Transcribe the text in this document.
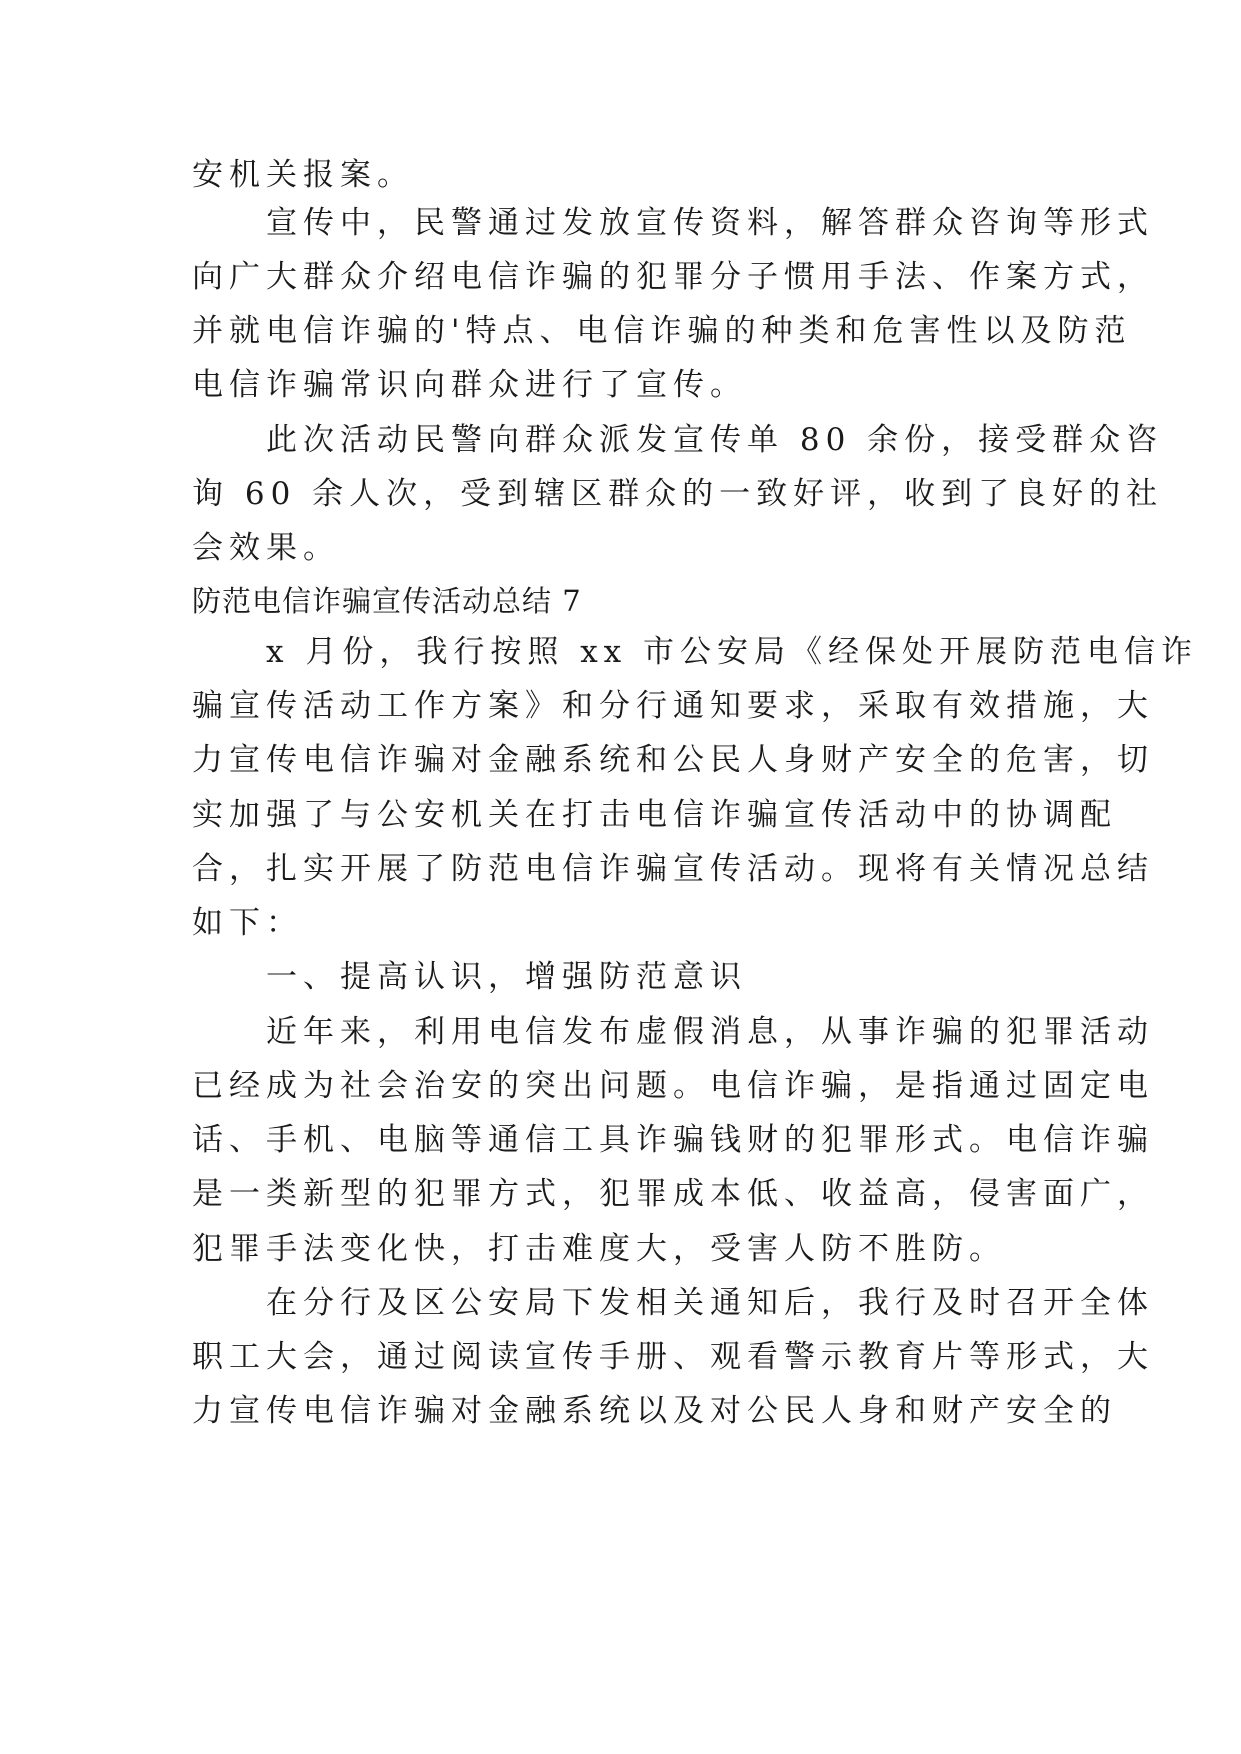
安机关报案。
　　宣传中，民警通过发放宣传资料，解答群众咨询等形式
向广大群众介绍电信诈骗的犯罪分子惯用手法、作案方式，
并就电信诈骗的'特点、电信诈骗的种类和危害性以及防范
电信诈骗常识向群众进行了宣传。
　　此次活动民警向群众派发宣传单 80 余份，接受群众咨
询 60 余人次，受到辖区群众的一致好评，收到了良好的社
会效果。
防范电信诈骗宣传活动总结 7
　　x 月份，我行按照 xx 市公安局《经保处开展防范电信诈
骗宣传活动工作方案》和分行通知要求，采取有效措施，大
力宣传电信诈骗对金融系统和公民人身财产安全的危害，切
实加强了与公安机关在打击电信诈骗宣传活动中的协调配
合，扎实开展了防范电信诈骗宣传活动。现将有关情况总结
如下：
　　一、提高认识，增强防范意识
　　近年来，利用电信发布虚假消息，从事诈骗的犯罪活动
已经成为社会治安的突出问题。电信诈骗，是指通过固定电
话、手机、电脑等通信工具诈骗钱财的犯罪形式。电信诈骗
是一类新型的犯罪方式，犯罪成本低、收益高，侵害面广，
犯罪手法变化快，打击难度大，受害人防不胜防。
　　在分行及区公安局下发相关通知后，我行及时召开全体
职工大会，通过阅读宣传手册、观看警示教育片等形式，大
力宣传电信诈骗对金融系统以及对公民人身和财产安全的
